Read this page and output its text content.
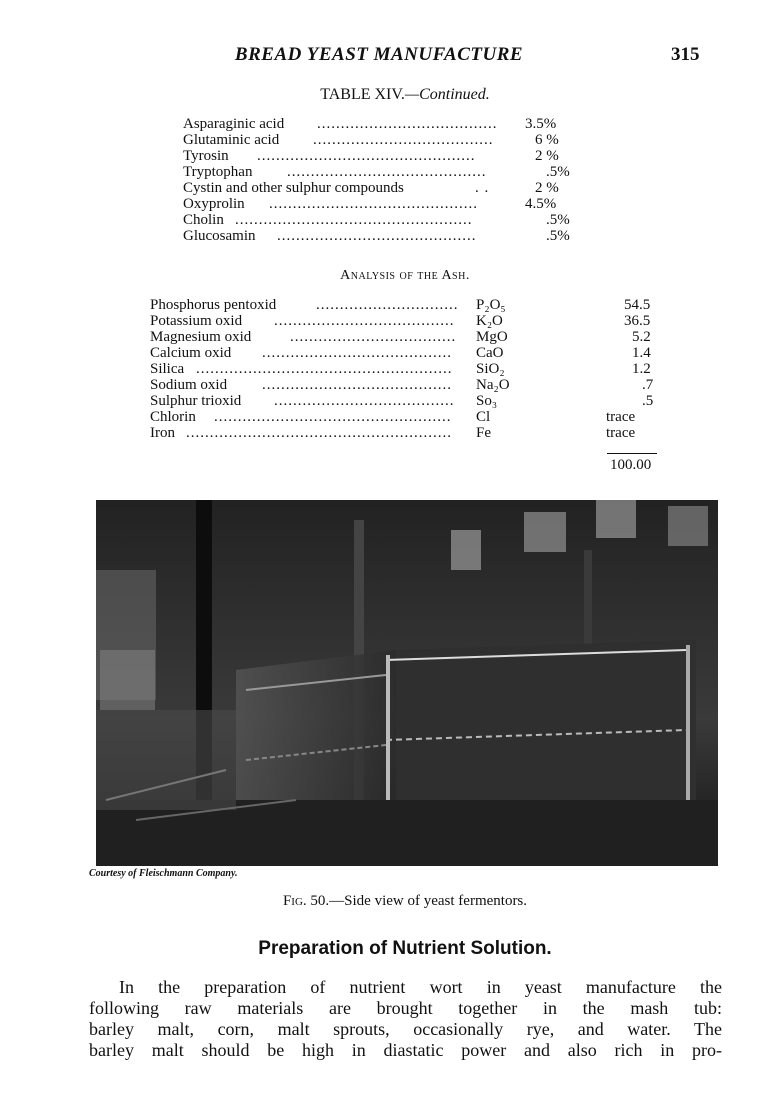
BREAD YEAST MANUFACTURE	315
TABLE XIV.—Continued.
Asparaginic acid ......................................	3.5%
Glutaminic acid ......................................	6 %
Tyrosin ..............................................	2 %
Tryptophan ..........................................	.5%
Cystin and other sulphur compounds	. .	2 %
Oxyprolin ............................................	4.5%
Cholin ..................................................	.5%
Glucosamin ..........................................	.5%
Analysis of the Ash.
Phosphorus pentoxid	..............................	P₂O₅	54.5
Potassium oxid ......................................	K₂O	36.5
Magnesium oxid	...................................	MgO	5.2
Calcium oxid ........................................	CaO	1.4
Silica ......................................................	SiO₂	1.2
Sodium oxid ........................................	Na₂O	.7
Sulphur trioxid ......................................	So₃	.5
Chlorin ..................................................	Cl	trace
Iron ........................................................	Fe	trace
100.00
Courtesy of Fleischmann Company.
Fig. 50.—Side view of yeast fermentors.
Preparation of Nutrient Solution.
In the preparation of nutrient wort in yeast manufacture the
following raw materials are brought together in the mash tub:
barley malt, corn, malt sprouts, occasionally rye, and water. The
barley malt should be high in diastatic power and also rich in pro-
